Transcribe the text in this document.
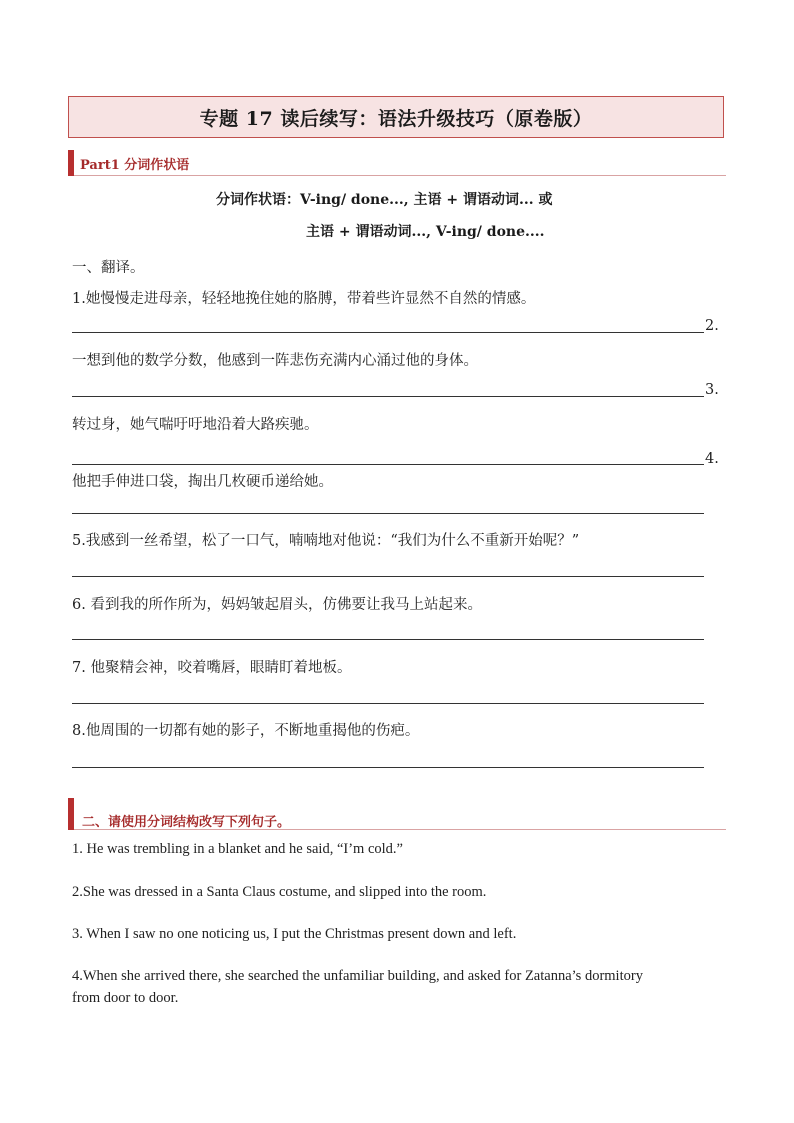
专题 17 读后续写：语法升级技巧（原卷版）
Part1 分词作状语
分词作状语：V-ing/ done..., 主语 + 谓语动词... 或
主语 + 谓语动词..., V-ing/ done....
一、翻译。
1.她慢慢走进母亲，轻轻地挽住她的胳膊，带着些许显然不自然的情感。
2.
一想到他的数学分数，他感到一阵悲伤充满内心涌过他的身体。
3.
转过身，她气喘吁吁地沿着大路疾驰。
4.
他把手伸进口袋，掏出几枚硬币递给她。
5.我感到一丝希望，松了一口气，喃喃地对他说：“我们为什么不重新开始呢？”
6. 看到我的所作所为，妈妈皱起眉头，仿佛要让我马上站起来。
7. 他聚精会神，咬着嘴唇，眼睛盯着地板。
8.他周围的一切都有她的影子，不断地重揭他的伤疤。
二、请使用分词结构改写下列句子。
1. He was trembling in a blanket and he said, “I’m cold.”
2.She was dressed in a Santa Claus costume, and slipped into the room.
3. When I saw no one noticing us, I put the Christmas present down and left.
4.When she arrived there, she searched the unfamiliar building, and asked for Zatanna’s dormitory
from door to door.
